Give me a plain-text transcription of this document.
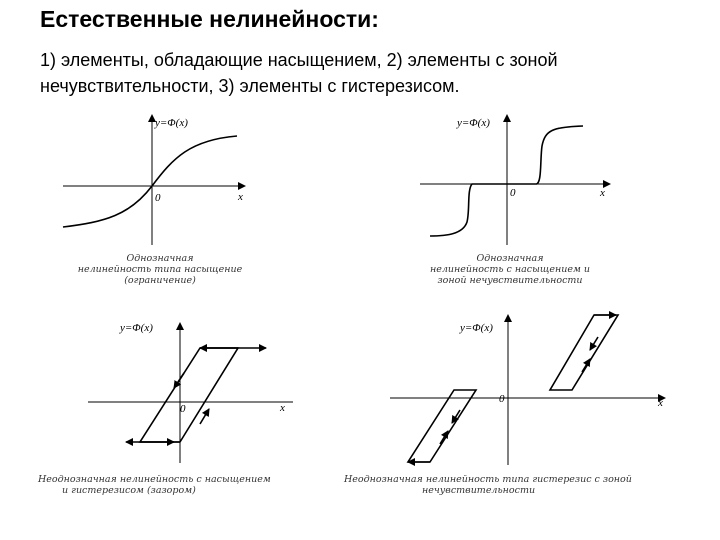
Естественные нелинейности:

1) элементы, обладающие насыщением, 2) элементы с зоной нечувствительности, 3) элементы с гистерезисом.

y=Φ(x)
0	x
Однозначная
нелинейность типа насыщение
(ограничение)
y=Φ(x)
0	x
Однозначная
нелинейность с насыщением и
зоной нечувствительности
y=Φ(x)
0	x
Неоднозначная нелинейность с насыщением
и гистерезисом (зазором)
y=Φ(x)
0	x
Неоднозначная нелинейность типа гистерезис с зоной
нечувствительности
